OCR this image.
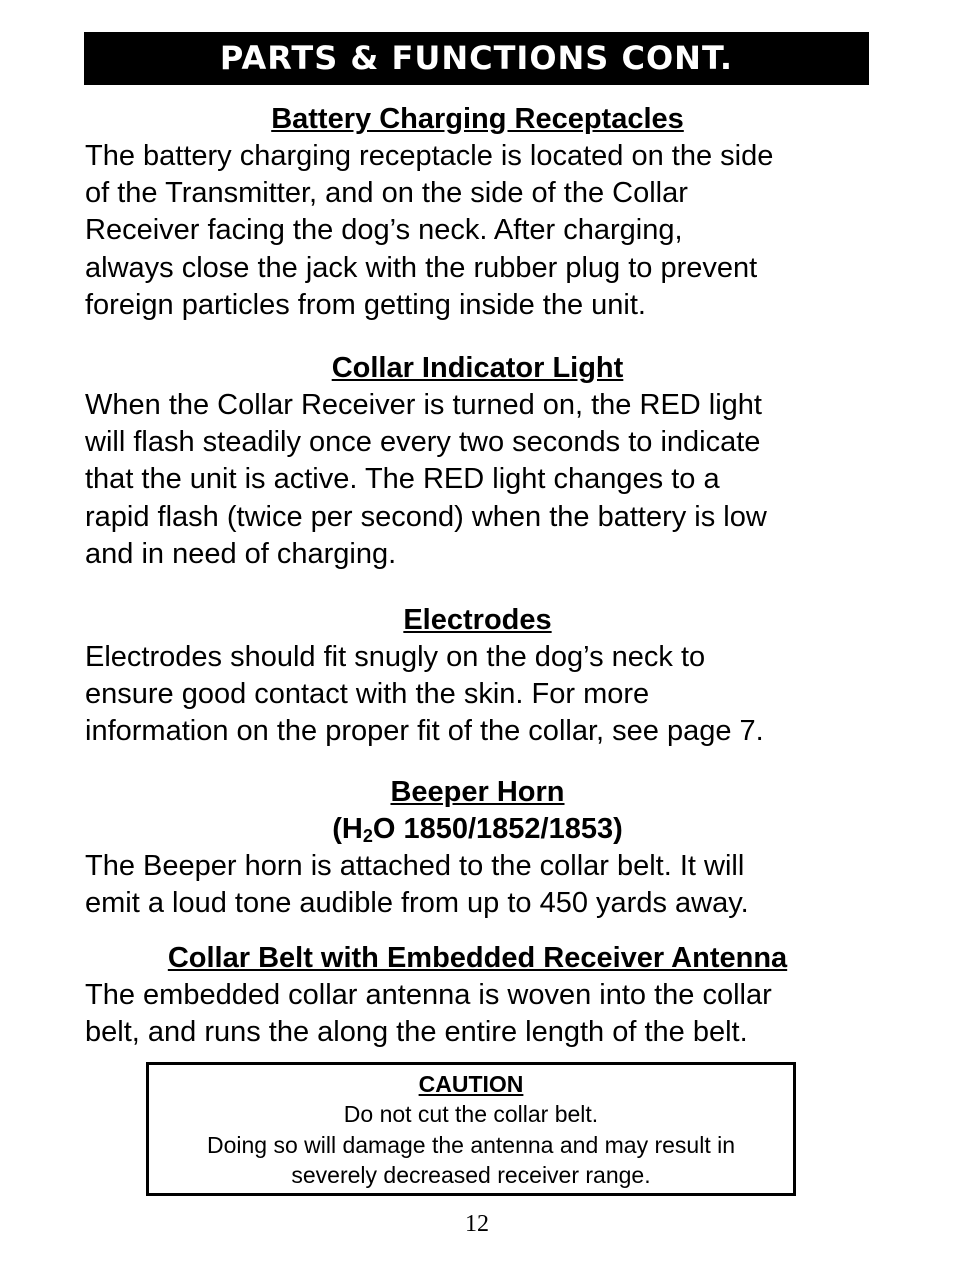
PARTS & FUNCTIONS CONT.

Battery Charging Receptacles

The battery charging receptacle is located on the side

of the Transmitter, and on the side of the Collar

Receiver facing the dog’s neck. After charging,

always close the jack with the rubber plug to prevent

foreign particles from getting inside the unit.

Collar Indicator Light

When the Collar Receiver is turned on, the RED light

will flash steadily once every two seconds to indicate

that the unit is active. The RED light changes to a

rapid flash (twice per second) when the battery is low

and in need of charging.

Electrodes

Electrodes should fit snugly on the dog’s neck to

ensure good contact with the skin. For more

information on the proper fit of the collar, see page 7.

Beeper Horn

($H_2O$ 1850/1852/1853)

The Beeper horn is attached to the collar belt. It will

emit a loud tone audible from up to 450 yards away.

Collar Belt with Embedded Receiver Antenna

The embedded collar antenna is woven into the collar

belt, and runs the along the entire length of the belt.

CAUTION
Do not cut the collar belt.
Doing so will damage the antenna and may result in
severely decreased receiver range.
12
